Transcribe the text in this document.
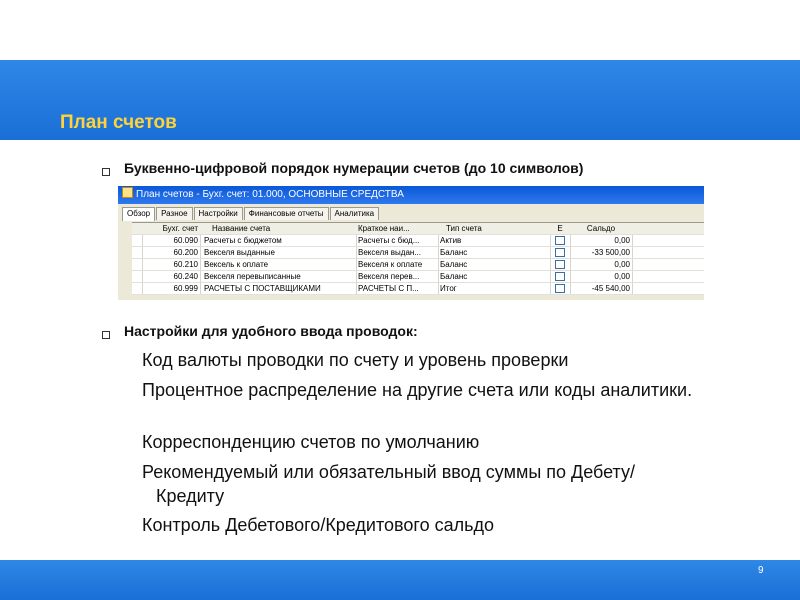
План счетов
Буквенно-цифровой порядок нумерации счетов (до 10 символов)
План счетов - Бухг. счет: 01.000, ОСНОВНЫЕ СРЕДСТВА
Обзор Разное Настройки Финансовые отчеты Аналитика
Бухг. счет	Название счета	Краткое наи...	Тип счета	Е	Сальдо
60.090 Расчеты с бюджетом	Расчеты с бюд...	Актив	0,00
60.200 Векселя выданные	Векселя выдан...	Баланс	-33 500,00
60.210 Вексель к оплате	Векселя к оплате	Баланс	0,00
60.240 Векселя перевыписанные	Векселя перев...	Баланс	0,00
60.999 РАСЧЕТЫ С ПОСТАВЩИКАМИ	РАСЧЕТЫ С П...	Итог	-45 540,00
Настройки для удобного ввода проводок:
Код валюты проводки по счету и уровень проверки
Процентное распределение на другие счета или коды аналитики.
Корреспонденцию счетов по умолчанию
Рекомендуемый или обязательный ввод суммы по Дебету/Кредиту
Контроль Дебетового/Кредитового сальдо
9
